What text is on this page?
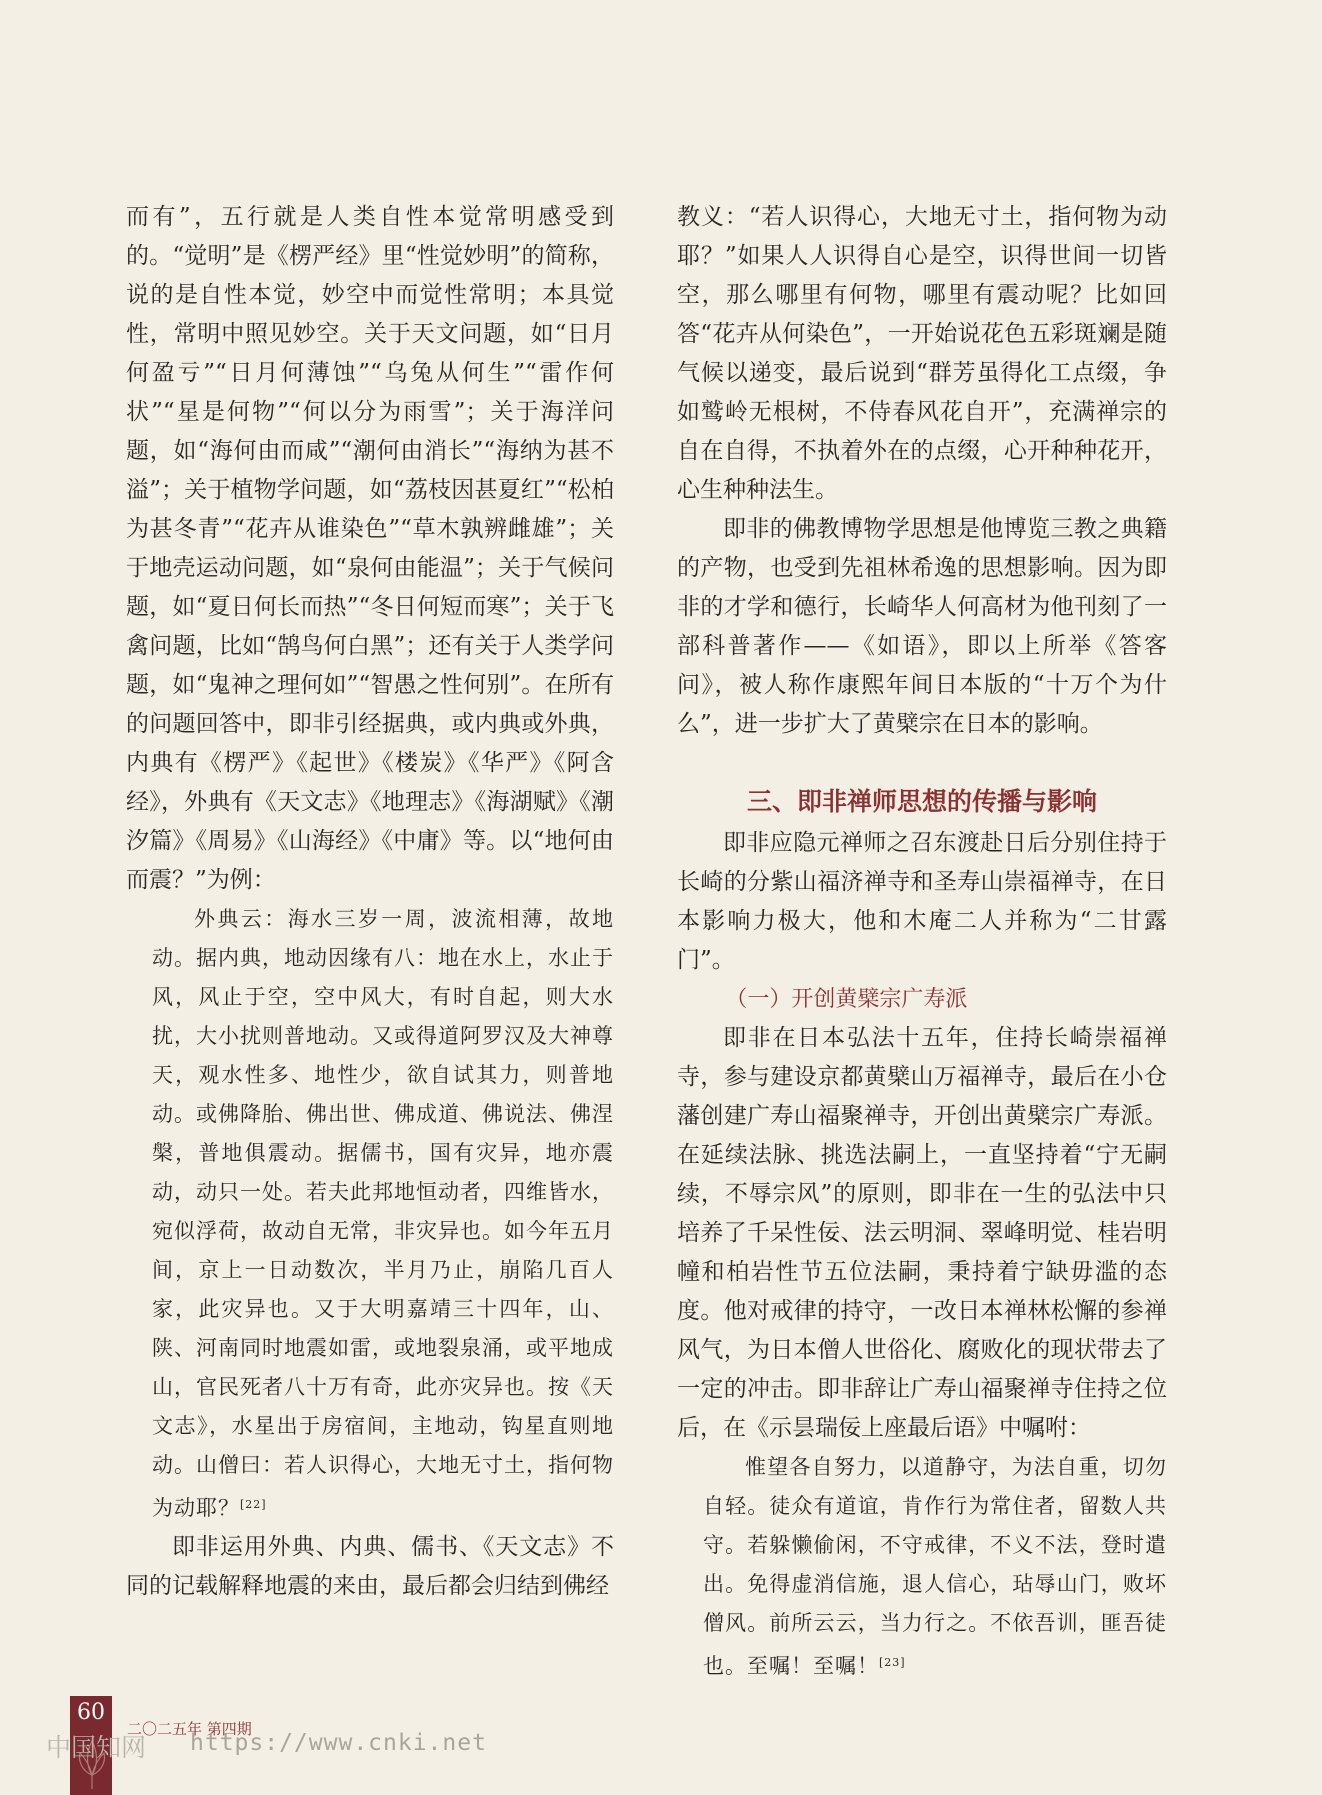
而有”，五行就是人类自性本觉常明感受到的。“觉明”是《楞严经》里“性觉妙明”的简称，说的是自性本觉，妙空中而觉性常明；本具觉性，常明中照见妙空。关于天文问题，如“日月何盈亏”“日月何薄蚀”“乌兔从何生”“雷作何状”“星是何物”“何以分为雨雪”；关于海洋问题，如“海何由而咸”“潮何由消长”“海纳为甚不溢”；关于植物学问题，如“荔枝因甚夏红”“松柏为甚冬青”“花卉从谁染色”“草木孰辨雌雄”；关于地壳运动问题，如“泉何由能温”；关于气候问题，如“夏日何长而热”“冬日何短而寒”；关于飞禽问题，比如“鹄鸟何白黑”；还有关于人类学问题，如“鬼神之理何如”“智愚之性何别”。在所有的问题回答中，即非引经据典，或内典或外典，内典有《楞严》《起世》《楼炭》《华严》《阿含经》，外典有《天文志》《地理志》《海湖赋》《潮汐篇》《周易》《山海经》《中庸》等。以“地何由而震？”为例：

外典云：海水三岁一周，波流相薄，故地动。据内典，地动因缘有八：地在水上，水止于风，风止于空，空中风大，有时自起，则大水扰，大小扰则普地动。又或得道阿罗汉及大神尊天，观水性多、地性少，欲自试其力，则普地动。或佛降胎、佛出世、佛成道、佛说法、佛涅槃，普地俱震动。据儒书，国有灾异，地亦震动，动只一处。若夫此邦地恒动者，四维皆水，宛似浮荷，故动自无常，非灾异也。如今年五月间，京上一日动数次，半月乃止，崩陷几百人家，此灾异也。又于大明嘉靖三十四年，山、陕、河南同时地震如雷，或地裂泉涌，或平地成山，官民死者八十万有奇，此亦灾异也。按《天文志》，水星出于房宿间，主地动，钩星直则地动。山僧曰：若人识得心，大地无寸土，指何物为动耶？[22]

即非运用外典、内典、儒书、《天文志》不同的记载解释地震的来由，最后都会归结到佛经

教义：“若人识得心，大地无寸土，指何物为动耶？”如果人人识得自心是空，识得世间一切皆空，那么哪里有何物，哪里有震动呢？比如回答“花卉从何染色”，一开始说花色五彩斑斓是随气候以递变，最后说到“群芳虽得化工点缀，争如鹫岭无根树，不侍春风花自开”，充满禅宗的自在自得，不执着外在的点缀，心开种种花开，心生种种法生。

即非的佛教博物学思想是他博览三教之典籍的产物，也受到先祖林希逸的思想影响。因为即非的才学和德行，长崎华人何高材为他刊刻了一部科普著作——《如语》，即以上所举《答客问》，被人称作康熙年间日本版的“十万个为什么”，进一步扩大了黄檗宗在日本的影响。

三、即非禅师思想的传播与影响

即非应隐元禅师之召东渡赴日后分别住持于长崎的分紫山福济禅寺和圣寿山崇福禅寺，在日本影响力极大，他和木庵二人并称为“二甘露门”。

（一）开创黄檗宗广寿派

即非在日本弘法十五年，住持长崎崇福禅寺，参与建设京都黄檗山万福禅寺，最后在小仓藩创建广寿山福聚禅寺，开创出黄檗宗广寿派。在延续法脉、挑选法嗣上，一直坚持着“宁无嗣续，不辱宗风”的原则，即非在一生的弘法中只培养了千呆性佞、法云明洞、翠峰明觉、桂岩明幢和柏岩性节五位法嗣，秉持着宁缺毋滥的态度。他对戒律的持守，一改日本禅林松懈的参禅风气，为日本僧人世俗化、腐败化的现状带去了一定的冲击。即非辞让广寿山福聚禅寺住持之位后，在《示昙瑞佞上座最后语》中嘱咐：

惟望各自努力，以道静守，为法自重，切勿自轻。徒众有道谊，肯作行为常住者，留数人共守。若躲懒偷闲，不守戒律，不义不法，登时遣出。免得虚消信施，退人信心，玷辱山门，败坏僧风。前所云云，当力行之。不依吾训，匪吾徒也。至嘱！至嘱！[23]

60
二〇二五年 第四期
中国知网 https://www.cnki.net
